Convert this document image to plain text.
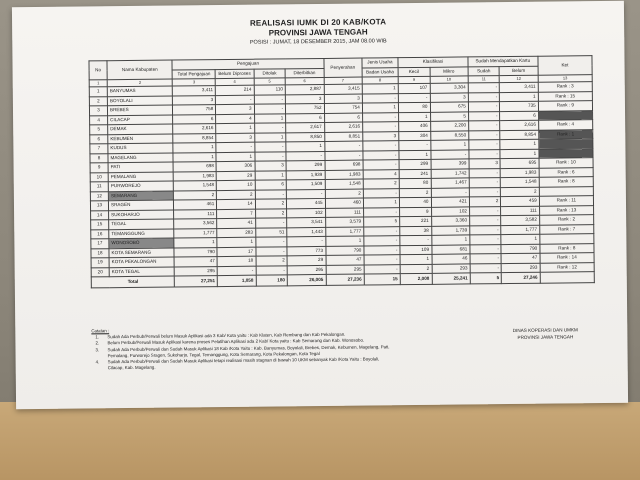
REALISASI IUMK DI 20 KAB/KOTA
PROVINSI JAWA TENGAH
POSISI : JUMAT, 18 DESEMBER 2015, JAM 08.00 WIB
No	Nama Kabupaten	Pengajuan				Penyerahan	Jenis Usaha	Klasifikasi		Sudah Mendapatkan Kartu		Ket
		Total Pengajuan	Belum Diproses	Ditolak	Diterbitkan		Badan Usaha	Kecil	Mikro	Sudah	Belum	
1	2	3	4	5	6	7	8	9	10	11	12	13
1	BANYUMAS	3,411	214	110	2,887	3,415	1	107	3,304	-	3,411	Rank : 3
2	BOYOLALI	3	-	-	3	3	-	-	3	-	1	Rank : 15
3	BREBES	758	3	-	752	754	1	80	675	-	735	Rank : 9
4	CILACAP	6	4	1	6	6	-	1	5	-	6	
5	DEMAK	2,616	1	-	2,617	2,616	-	406	2,200	-	2,616	Rank : 4
6	KEBUMEN	8,854	3	1	8,850	8,851	3	304	8,550	-	8,854	Rank : 1
7	KUDUS	1	-	-	1	-	-	-	1	-	1	
8	MAGELANG	1	1	-	-	-	-	1	-	-	1	
9	PATI	698	306	3	299	698	-	299	399	3	695	Rank : 10
10	PEMALANG	1,983	29	1	1,939	1,983	4	241	1,742	-	1,983	Rank : 6
11	PURWOREJO	1,548	10	6	1,509	1,548	2	80	1,467	-	1,548	Rank : 8
12	SEMARANG	2	2	-	-	2	-	2	-	-	2	
13	SRAGEN	461	14	2	445	460	1	40	421	2	459	Rank : 11
14	SUKOHARJO	111	7	2	102	111	-	9	102	-	111	Rank : 13
15	TEGAL	3,562	41	-	3,541	3,579	5	221	3,360	-	3,582	Rank : 2
16	TEMANGGUNG	1,777	283	51	1,443	1,777	-	38	1,739	-	1,777	Rank : 7
17	WONOSOBO	1	1	-	-	1	-	-	1	-	1	
18	KOTA SEMARANG	790	17	-	773	790	-	109	681	-	790	Rank : 8
19	KOTA PEKALONGAN	47	18	2	29	47	-	1	46	-	47	Rank : 14
20	KOTA TEGAL	295	-	-	295	295	-	2	293	-	293	Rank : 12
Total		27,251	1,058	180	26,005	27,236	15	2,008	25,241	5	27,246	
Catatan :
1.	Sudah Ada Perbub/Perwali belum Masuk Aplikasi ada 3 Kab/ Kota yaitu : Kab Klaten, Kab Rembang dan Kab Pekalongan.
2.	Belum Perbub/Perwali Masuk Aplikasi karena proses Pelatihan Aplikasi ada 2 Kab/ Kota yaitu : Kab Semarang dan Kab. Wonosobo.
3.	Sudah Ada Perbub/Perwali dan Sudah Masuk Aplikasi 18 Kab /Kota Yaitu : Kab. Banyumas, Boyolali, Brebes, Demak, Kebumen, Magelang, Pati, Pemalang, Purworejo Sragen, Sukoharjo, Tegal, Temanggung, Kota Semarang, Kota Pekalongan, Kota Tegal
4.	Sudah Ada Perbub/Perwali dan Sudah Masuk Aplikasi tetapi realisasi masih stagnan di bawah 10 UKM sebanyak Kab /Kota Yaitu : Boyolali, Cilacap, Kab. Magelang.
DINAS KOPERASI DAN UMKM
PROVINSI JAWA TENGAH
